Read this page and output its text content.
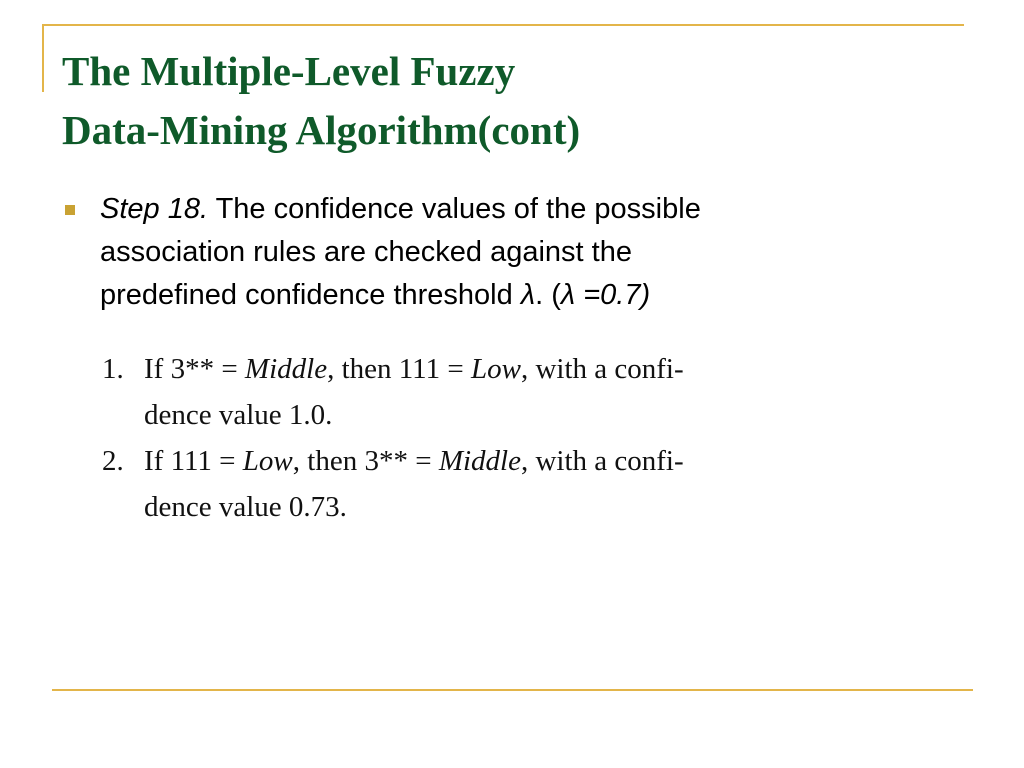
The Multiple-Level Fuzzy
Data-Mining Algorithm(cont)

Step 18. The confidence values of the possible
association rules are checked against the
predefined confidence threshold λ. (λ =0.7)

1. If 3** = Middle, then 111 = Low, with a confi-
dence value 1.0.
2. If 111 = Low, then 3** = Middle, with a confi-
dence value 0.73.
